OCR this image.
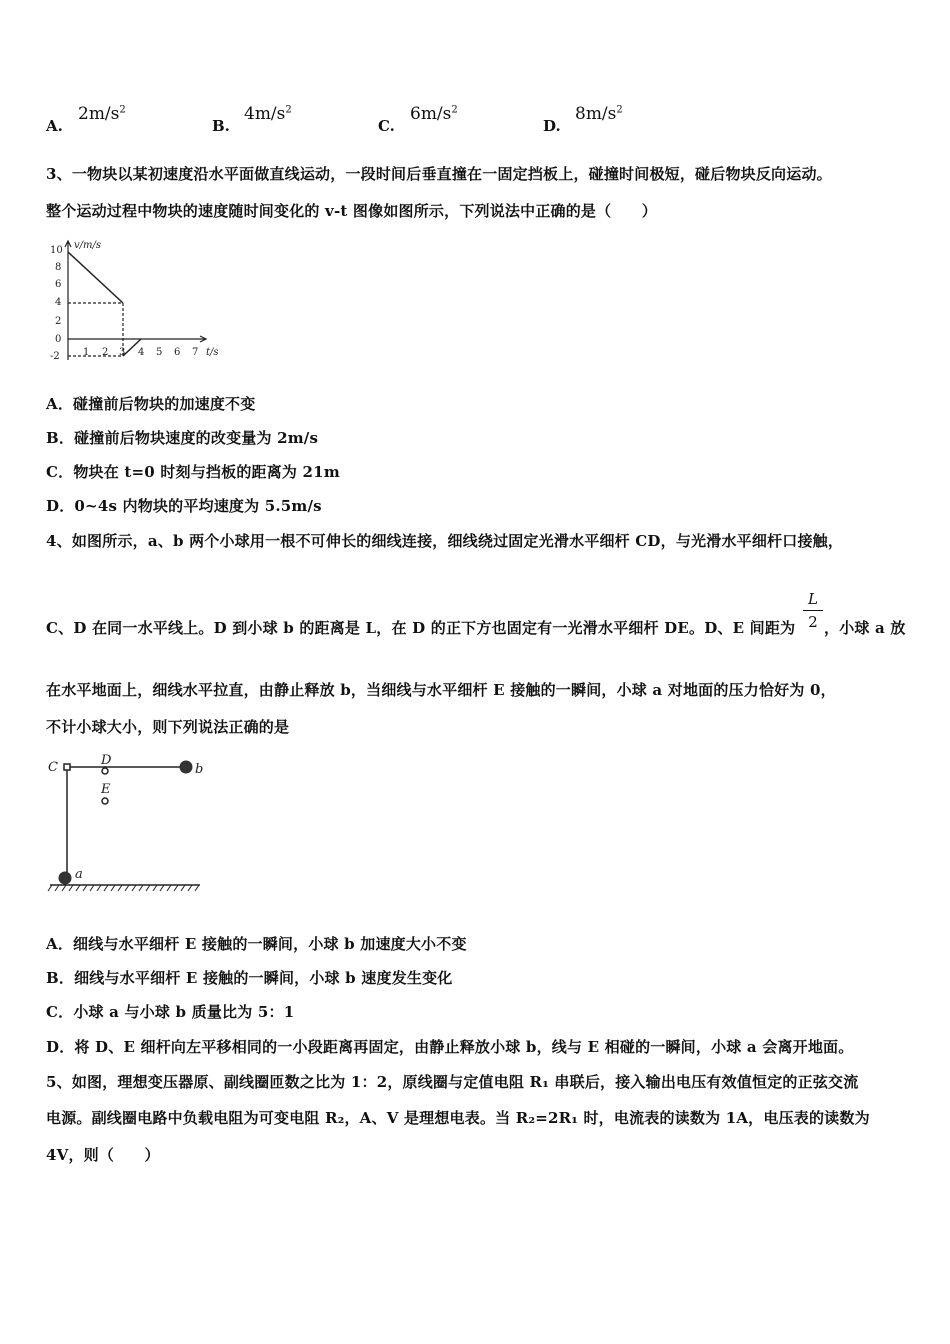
A.
$2m/s^2$
B.
$4m/s^2$
C.
$6m/s^2$
D.
$8m/s^2$
3、一物块以某初速度沿水平面做直线运动，一段时间后垂直撞在一固定挡板上，碰撞时间极短，碰后物块反向运动。
整个运动过程中物块的速度随时间变化的 v-t 图像如图所示，下列说法中正确的是（　　）
v/m/s
t/s
10
8
6
4
2
0
-2 1 2 3 4 5 6 7
A．碰撞前后物块的加速度不变
B．碰撞前后物块速度的改变量为 2m/s
C．物块在 t=0 时刻与挡板的距离为 21m
D．0~4s 内物块的平均速度为 5.5m/s
4、如图所示，a、b 两个小球用一根不可伸长的细线连接，细线绕过固定光滑水平细杆 CD，与光滑水平细杆口接触，
C、D 在同一水平线上。D 到小球 b 的距离是 L，在 D 的正下方也固定有一光滑水平细杆 DE。D、E 间距为
L
2 ，小球 a 放
在水平地面上，细线水平拉直，由静止释放 b，当细线与水平细杆 E 接触的一瞬间，小球 a 对地面的压力恰好为 0，
不计小球大小，则下列说法正确的是
C	D
E
b
a
A．细线与水平细杆 E 接触的一瞬间，小球 b 加速度大小不变
B．细线与水平细杆 E 接触的一瞬间，小球 b 速度发生变化
C．小球 a 与小球 b 质量比为 5：1
D．将 D、E 细杆向左平移相同的一小段距离再固定，由静止释放小球 b，线与 E 相碰的一瞬间，小球 a 会离开地面。
5、如图，理想变压器原、副线圈匝数之比为 1：2，原线圈与定值电阻 R₁ 串联后，接入输出电压有效值恒定的正弦交流
电源。副线圈电路中负载电阻为可变电阻 R₂，A、V 是理想电表。当 R₂=2R₁ 时，电流表的读数为 1A，电压表的读数为
4V，则（　　）
